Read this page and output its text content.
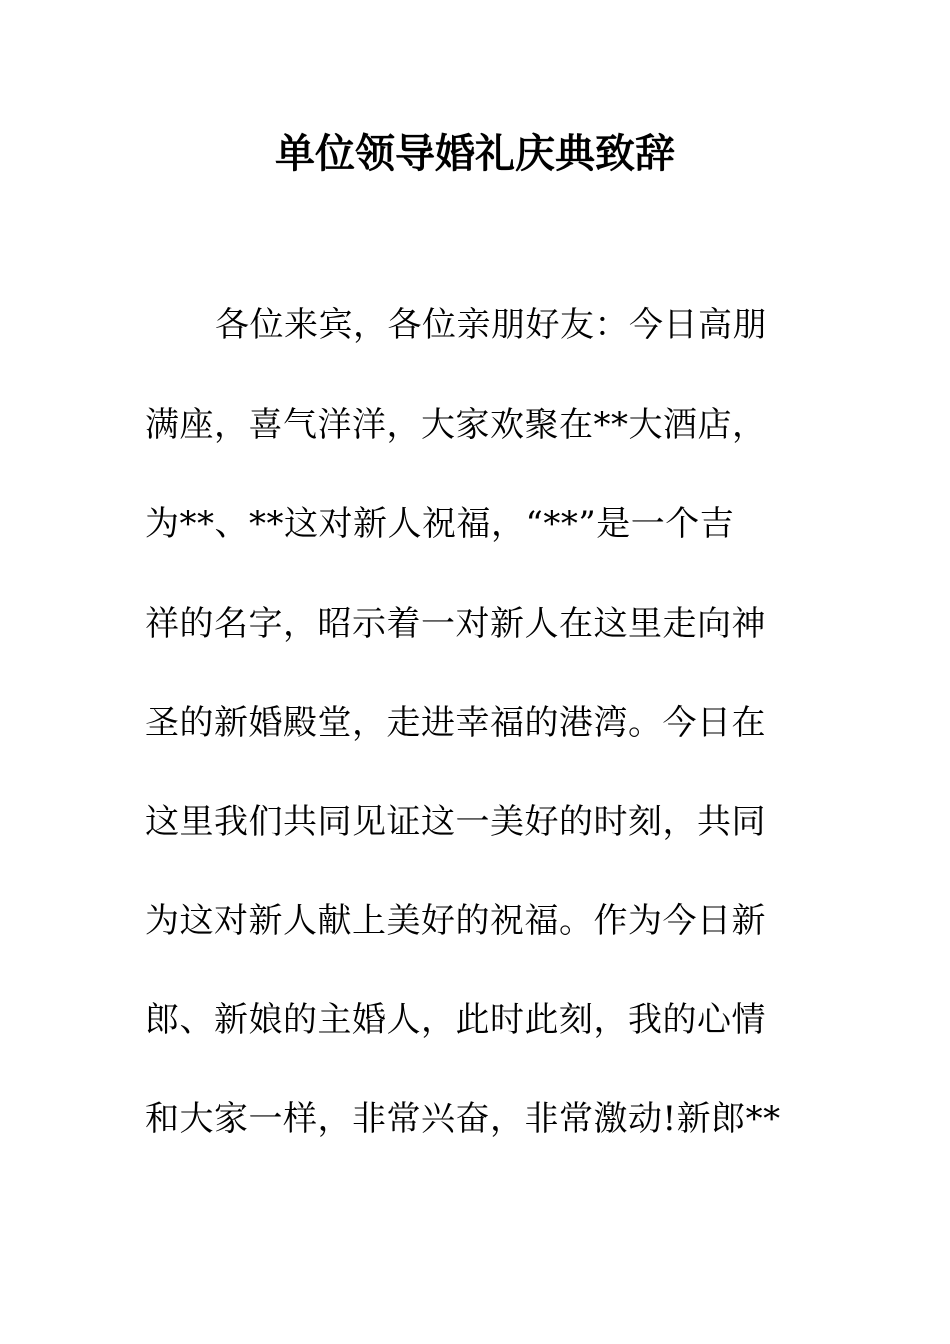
单位领导婚礼庆典致辞
各位来宾，各位亲朋好友：今日高朋
满座，喜气洋洋，大家欢聚在**大酒店，
为**、**这对新人祝福，“**”是一个吉
祥的名字，昭示着一对新人在这里走向神
圣的新婚殿堂，走进幸福的港湾。今日在
这里我们共同见证这一美好的时刻，共同
为这对新人献上美好的祝福。作为今日新
郎、新娘的主婚人，此时此刻，我的心情
和大家一样，非常兴奋，非常激动!新郎**
